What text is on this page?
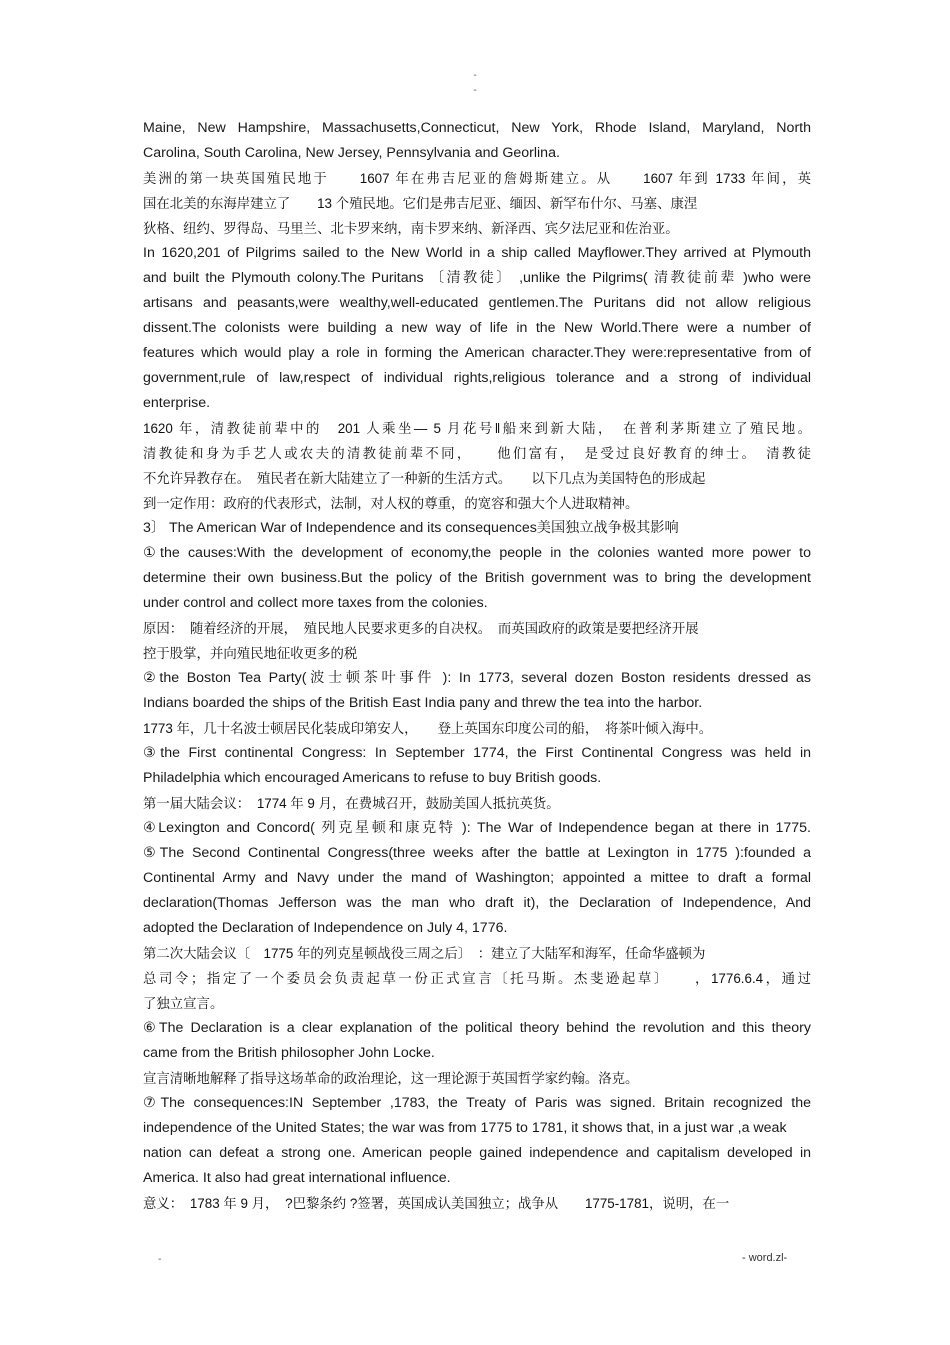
-
-
Maine, New Hampshire, Massachusetts,Connecticut, New York, Rhode Island, Maryland, North
Carolina, South Carolina, New Jersey, Pennsylvania and Georlina.
美洲的第一块英国殖民地于　　1607 年在弗吉尼亚的詹姆斯建立。从　　1607 年到 1733 年间，英
国在北美的东海岸建立了　　13 个殖民地。它们是弗吉尼亚、缅因、新罕布什尔、马塞、康涅
狄格、纽约、罗得岛、马里兰、北卡罗来纳，南卡罗来纳、新泽西、宾夕法尼亚和佐治亚。
In 1620,201 of Pilgrims sailed to the New World in a ship called Mayflower.They arrived at Plymouth
and built the Plymouth colony.The Puritans 〔清教徒〕 ,unlike the Pilgrims( 清教徒前辈 )who were
artisans and peasants,were wealthy,well-educated gentlemen.The Puritans did not allow religious
dissent.The colonists were building a new way of life in the New World.There were a number of
features which would play a role in forming the American character.They were:representative from of
government,rule of law,respect of individual rights,religious tolerance and a strong of individual
enterprise.
1620 年，清教徒前辈中的　201 人乘坐— 5 月花号‖船来到新大陆，　在普利茅斯建立了殖民地。
清教徒和身为手艺人或农夫的清教徒前辈不同，　　他们富有，　是受过良好教育的绅士。　清教徒
不允许异教存在。　殖民者在新大陆建立了一种新的生活方式。　　以下几点为美国特色的形成起
到一定作用：政府的代表形式，法制，对人权的尊重，的宽容和强大个人进取精神。
3〕 The American War of Independence and its consequences美国独立战争极其影响
①the causes:With the development of economy,the people in the colonies wanted more power to
determine their own business.But the policy of the British government was to bring the development
under control and collect more taxes from the colonies.
原因：　随着经济的开展，　殖民地人民要求更多的自决权。　而英国政府的政策是要把经济开展
控于股掌，并向殖民地征收更多的税
②the Boston Tea Party(波士顿茶叶事件 ): In 1773, several dozen Boston residents dressed as
Indians boarded the ships of the British East India pany and threw the tea into the harbor.
1773 年，几十名波士顿居民化装成印第安人，　　登上英国东印度公司的船，　将茶叶倾入海中。
③the First continental Congress: In September 1774, the First Continental Congress was held in
Philadelphia which encouraged Americans to refuse to buy British goods.
第一届大陆会议：　1774 年 9 月，在费城召开，鼓励美国人抵抗英货。
④Lexington and Concord( 列克星顿和康克特 ): The War of Independence began at there in 1775.
⑤The Second Continental Congress(three weeks after the battle at Lexington in 1775 ):founded a
Continental Army and Navy under the mand of Washington; appointed a mittee to draft a formal
declaration(Thomas Jefferson was the man who draft it), the Declaration of Independence, And
adopted the Declaration of Independence on July 4, 1776.
第二次大陆会议〔　1775 年的列克星顿战役三周之后〕　：建立了大陆军和海军，任命华盛顿为
总司令；指定了一个委员会负责起草一份正式宣言〔托马斯。杰斐逊起草〕　　，1776.6.4，通过
了独立宣言。
⑥The Declaration is a clear explanation of the political theory behind the revolution and this theory
came from the British philosopher John Locke.
宣言清晰地解释了指导这场革命的政治理论，这一理论源于英国哲学家约翰。洛克。
⑦The consequences:IN September ,1783, the Treaty of Paris was signed. Britain recognized the
independence of the United States; the war was from 1775 to 1781, it shows that, in a just war ,a weak
nation can defeat a strong one. American people gained independence and capitalism developed in
America. It also had great international influence.
意义：　1783 年 9 月，　?巴黎条约 ?签署，英国成认美国独立；战争从　　1775-1781，说明，在一
-	- word.zl-
